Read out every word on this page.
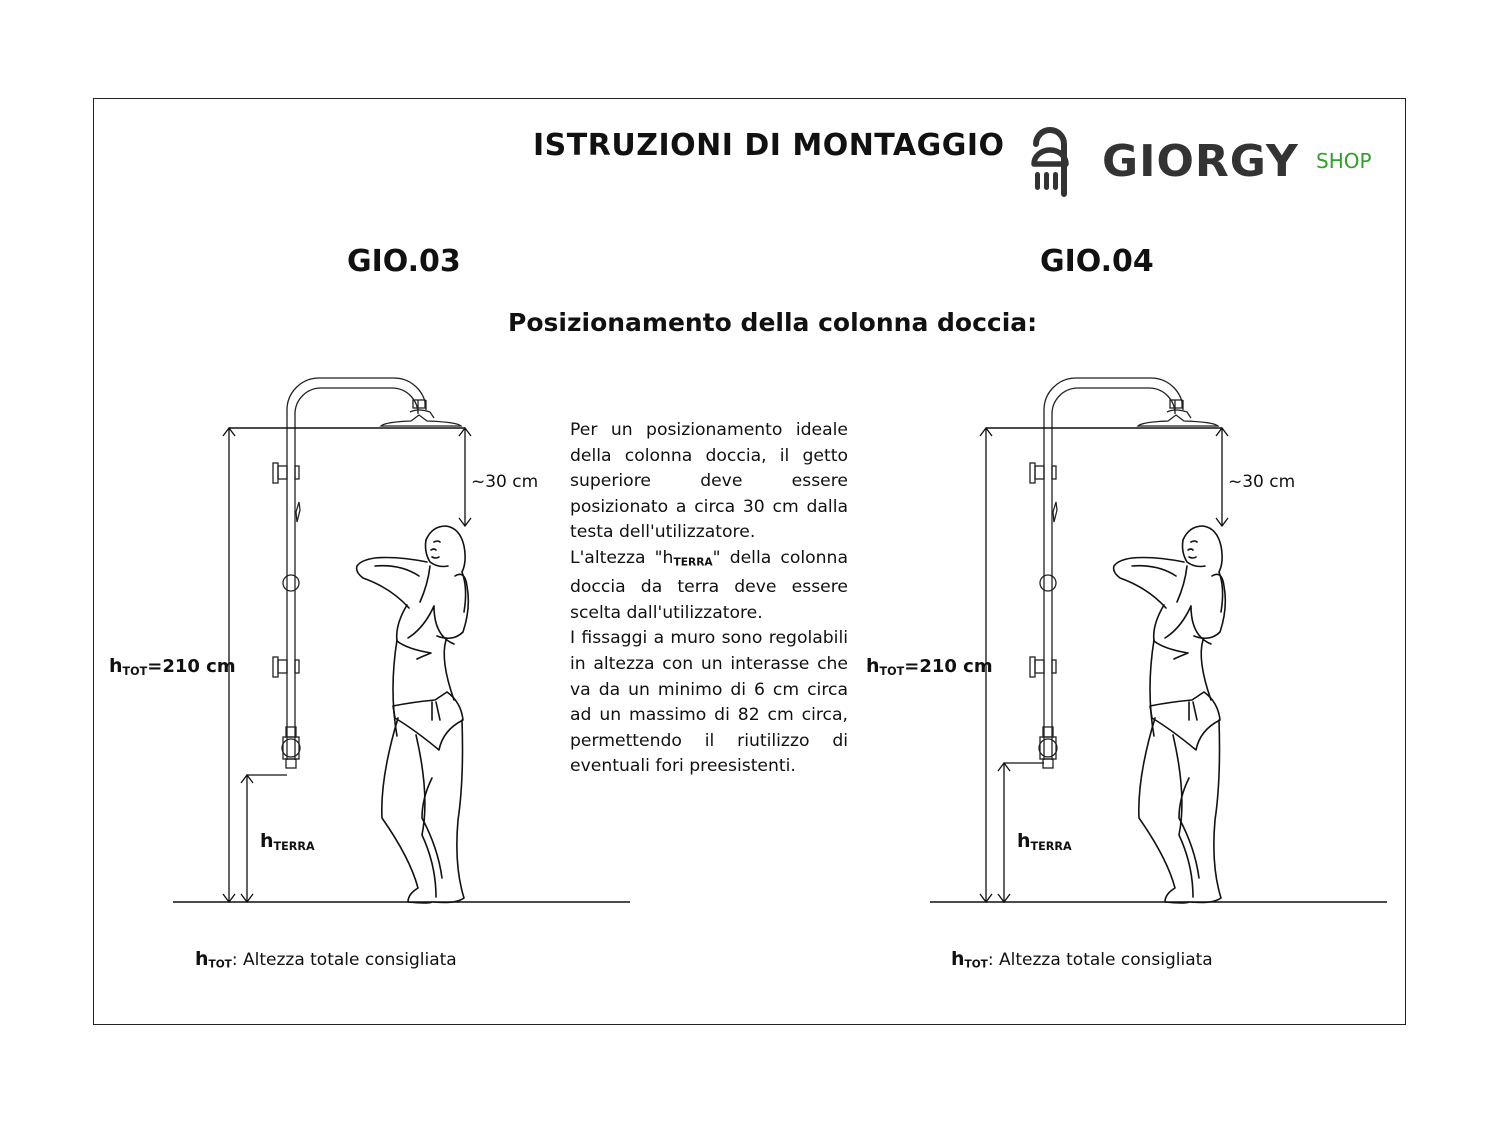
ISTRUZIONI DI MONTAGGIO GIORGY SHOP
GIO.03	GIO.04
Posizionamento della colonna doccia:

Per un posizionamento ideale della colonna doccia, il getto superiore deve essere posizionato a circa 30 cm dalla testa dell'utilizzatore.

L'altezza "$h_{TERRA}$" della colonna doccia da terra deve essere scelta dall'utilizzatore.

I fissaggi a muro sono regolabili in altezza con un interasse che va da un minimo di 6 cm circa ad un massimo di 82 cm circa, permettendo il riutilizzo di eventuali fori preesistenti.

~30 cm
$h_{TOT}=210$ cm
$h_{TERRA}$
$h_{TOT}$: Altezza totale consigliata
~30 cm
$h_{TOT}=210$ cm
$h_{TERRA}$
$h_{TOT}$: Altezza totale consigliata
